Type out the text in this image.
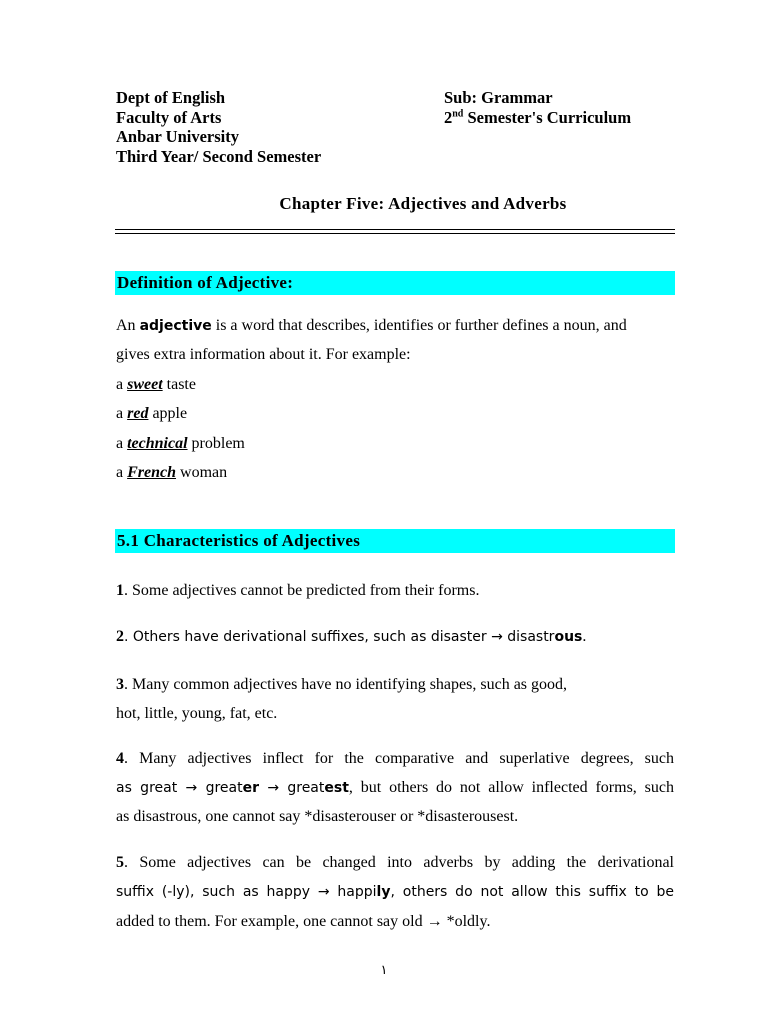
Dept of English
Faculty of Arts
Anbar University
Third Year/ Second Semester
Sub: Grammar
2nd Semester's Curriculum
Chapter Five: Adjectives and Adverbs
Definition of Adjective:
An adjective is a word that describes, identifies or further defines a noun, and
gives extra information about it. For example:
a sweet taste
a red apple
a technical problem
a French woman
5.1 Characteristics of Adjectives
1. Some adjectives cannot be predicted from their forms.
2. Others have derivational suffixes, such as disaster → disastrous.
3. Many common adjectives have no identifying shapes, such as good,
hot, little, young, fat, etc.
4. Many adjectives inflect for the comparative and superlative degrees, such
as great → greater → greatest, but others do not allow inflected forms, such
as disastrous, one cannot say *disasterouser or *disasterousest.
5. Some adjectives can be changed into adverbs by adding the derivational
suffix (-ly), such as happy → happily, others do not allow this suffix to be
added to them. For example, one cannot say old → *oldly.
١
